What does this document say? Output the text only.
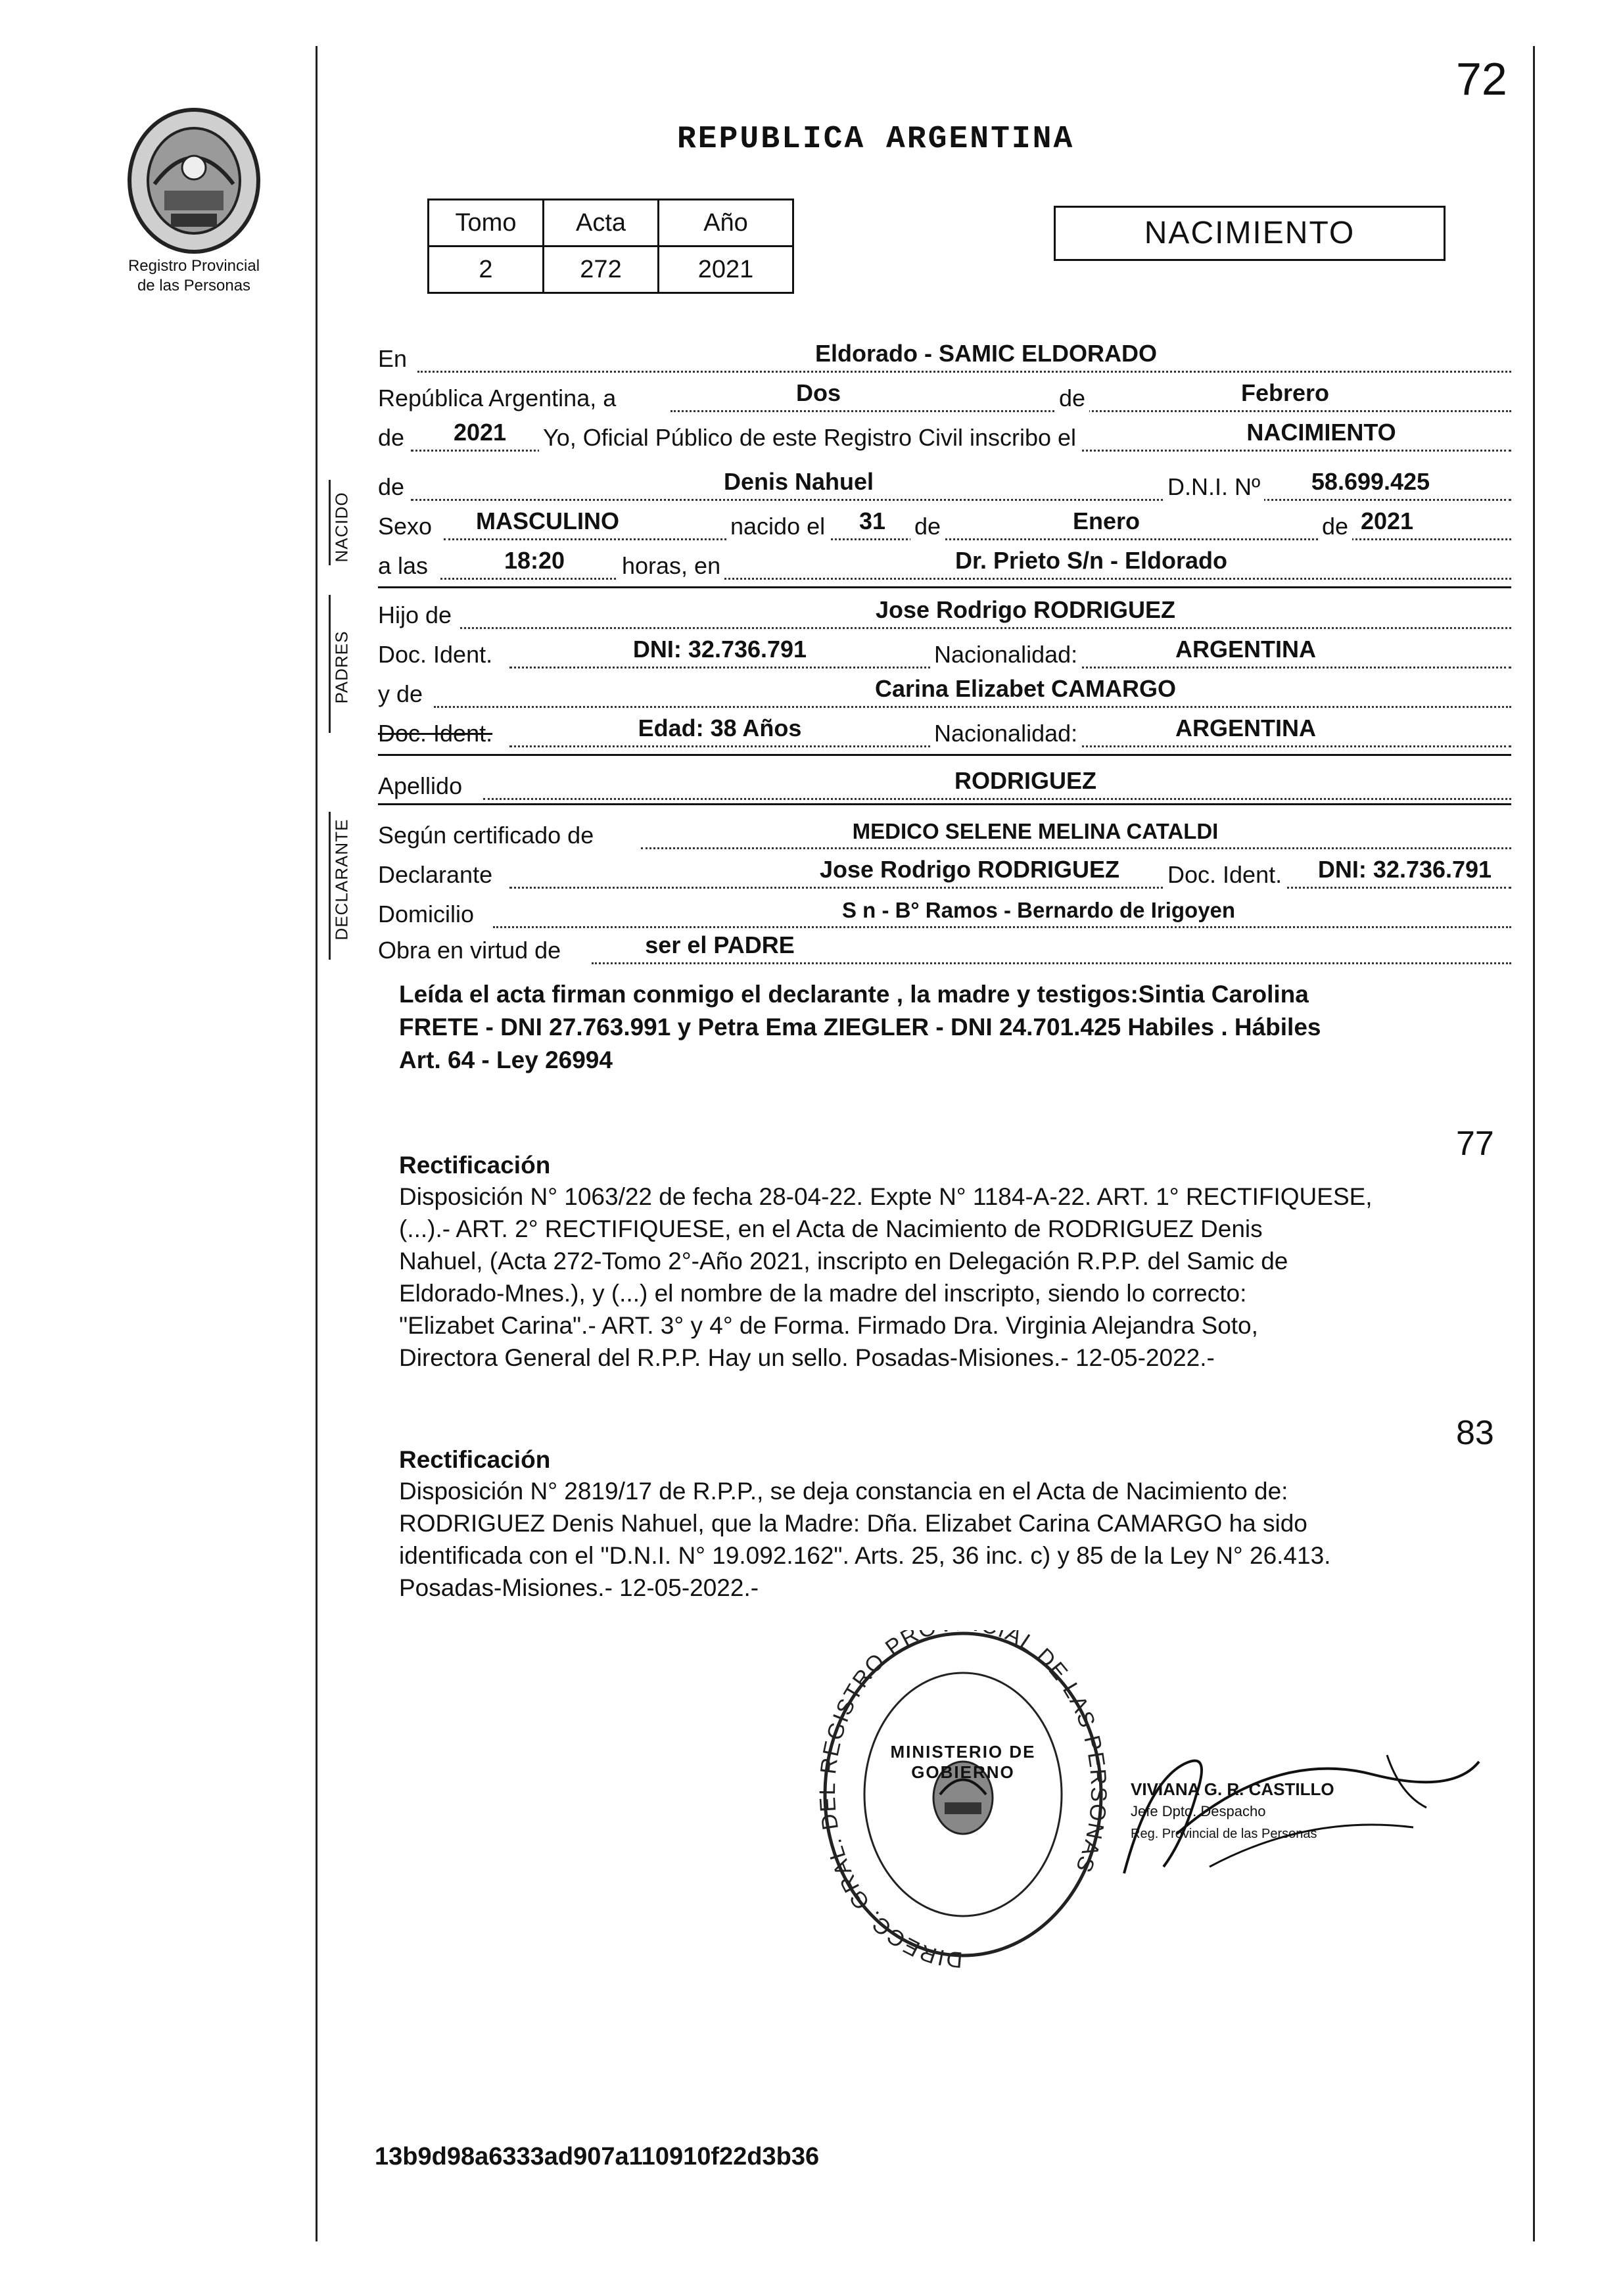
72
Registro Provincial
de las Personas
REPUBLICA ARGENTINA
Tomo	Acta	Año
2	272	2021
NACIMIENTO
NACIDO
PADRES
DECLARANTE
En	Eldorado - SAMIC ELDORADO
República Argentina, a	Dos	de	Febrero
de 2021 Yo, Oficial Público de este Registro Civil inscribo el	NACIMIENTO
de	Denis Nahuel	D.N.I. Nº 58.699.425
Sexo MASCULINO	nacido el 31 de	Enero	de 2021
a las	18:20 horas, en	Dr. Prieto S/n - Eldorado
Hijo de	Jose Rodrigo RODRIGUEZ
Doc. Ident.	DNI: 32.736.791	Nacionalidad:	ARGENTINA
y de	Carina Elizabet CAMARGO
Doc. Ident.	Edad: 38 Años	Nacionalidad:	ARGENTINA
Apellido	RODRIGUEZ
Según certificado de	MEDICO SELENE MELINA CATALDI
Declarante	Jose Rodrigo RODRIGUEZ Doc. Ident. DNI: 32.736.791
Domicilio	S n - B° Ramos - Bernardo de Irigoyen
Obra en virtud de	ser el PADRE
Leída el acta firman conmigo el declarante , la madre y testigos:Sintia Carolina
FRETE - DNI 27.763.991 y Petra Ema ZIEGLER - DNI 24.701.425 Habiles . Hábiles
Art. 64 - Ley 26994
77
Rectificación
Disposición N° 1063/22 de fecha 28-04-22. Expte N° 1184-A-22. ART. 1° RECTIFIQUESE,
(...).- ART. 2° RECTIFIQUESE, en el Acta de Nacimiento de RODRIGUEZ Denis
Nahuel, (Acta 272-Tomo 2°-Año 2021, inscripto en Delegación R.P.P. del Samic de
Eldorado-Mnes.), y (...) el nombre de la madre del inscripto, siendo lo correcto:
"Elizabet Carina".- ART. 3° y 4° de Forma. Firmado Dra. Virginia Alejandra Soto,
Directora General del R.P.P. Hay un sello. Posadas-Misiones.- 12-05-2022.-
83
Rectificación
Disposición N° 2819/17 de R.P.P., se deja constancia en el Acta de Nacimiento de:
RODRIGUEZ Denis Nahuel, que la Madre: Dña. Elizabet Carina CAMARGO ha sido
identificada con el "D.N.I. N° 19.092.162". Arts. 25, 36 inc. c) y 85 de la Ley N° 26.413.
Posadas-Misiones.- 12-05-2022.-
DIRECC. GRAL. D REGISTRO PR IAL DE LAS PE NAS
MINISTERIO DE GOBIERNO
VIVIANA G. R. CASTILLO
Jefe Dpto. Despacho
Reg. Provincial de las Personas
13b9d98a6333ad907a110910f22d3b36
